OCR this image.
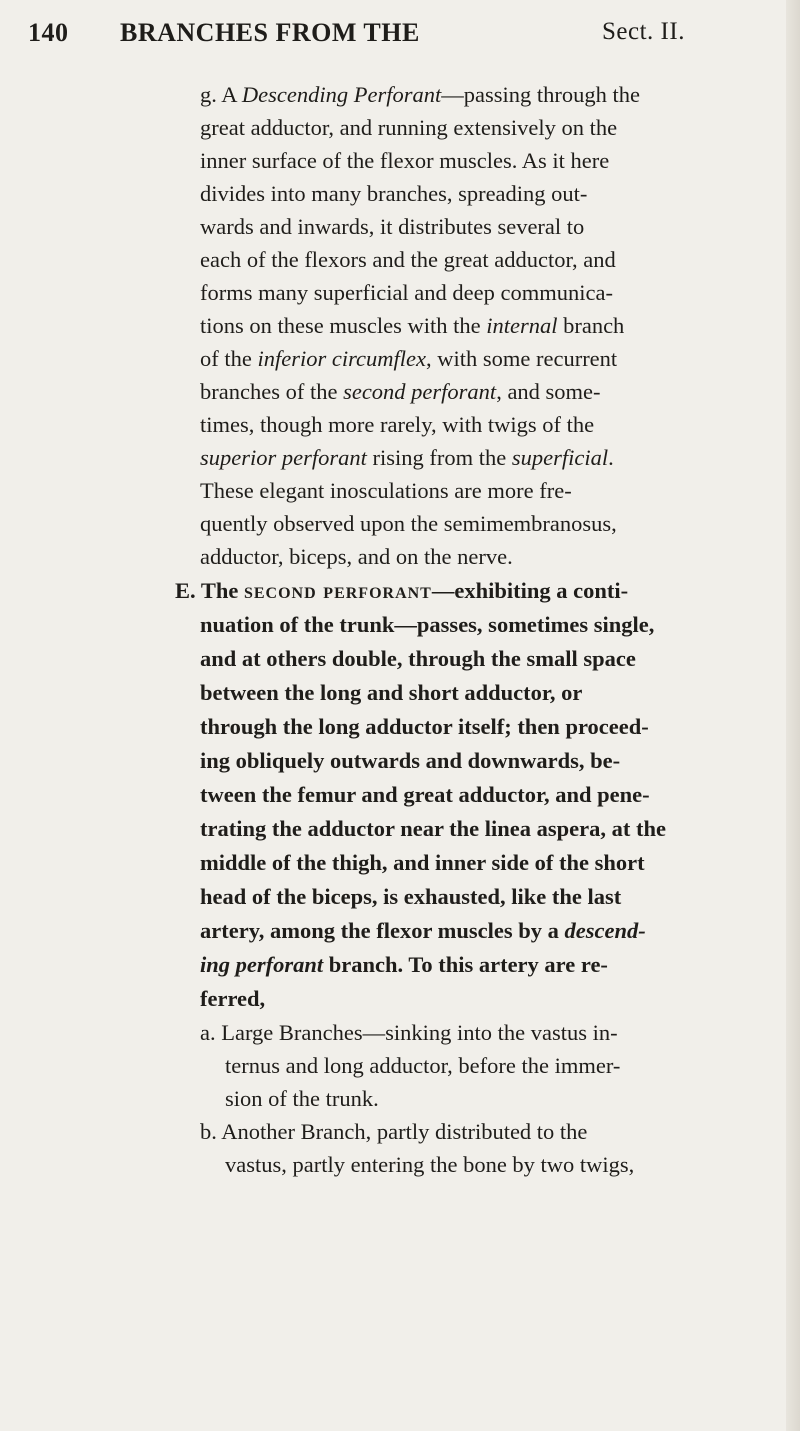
140 BRANCHES FROM THE	Sect. II.
g. A Descending Perforant—passing through the
great adductor, and running extensively on the
inner surface of the flexor muscles. As it here
divides into many branches, spreading out-
wards and inwards, it distributes several to
each of the flexors and the great adductor, and
forms many superficial and deep communica-
tions on these muscles with the internal branch
of the inferior circumflex, with some recurrent
branches of the second perforant, and some-
times, though more rarely, with twigs of the
superior perforant rising from the superficial.
These elegant inosculations are more fre-
quently observed upon the semimembranosus,
adductor, biceps, and on the nerve.
E. The second perforant—exhibiting a conti-
nuation of the trunk—passes, sometimes single,
and at others double, through the small space
between the long and short adductor, or
through the long adductor itself; then proceed-
ing obliquely outwards and downwards, be-
tween the femur and great adductor, and pene-
trating the adductor near the linea aspera, at the
middle of the thigh, and inner side of the short
head of the biceps, is exhausted, like the last
artery, among the flexor muscles by a descend-
ing perforant branch. To this artery are re-
ferred,
a. Large Branches—sinking into the vastus in-
ternus and long adductor, before the immer-
sion of the trunk.
b. Another Branch, partly distributed to the
vastus, partly entering the bone by two twigs,
